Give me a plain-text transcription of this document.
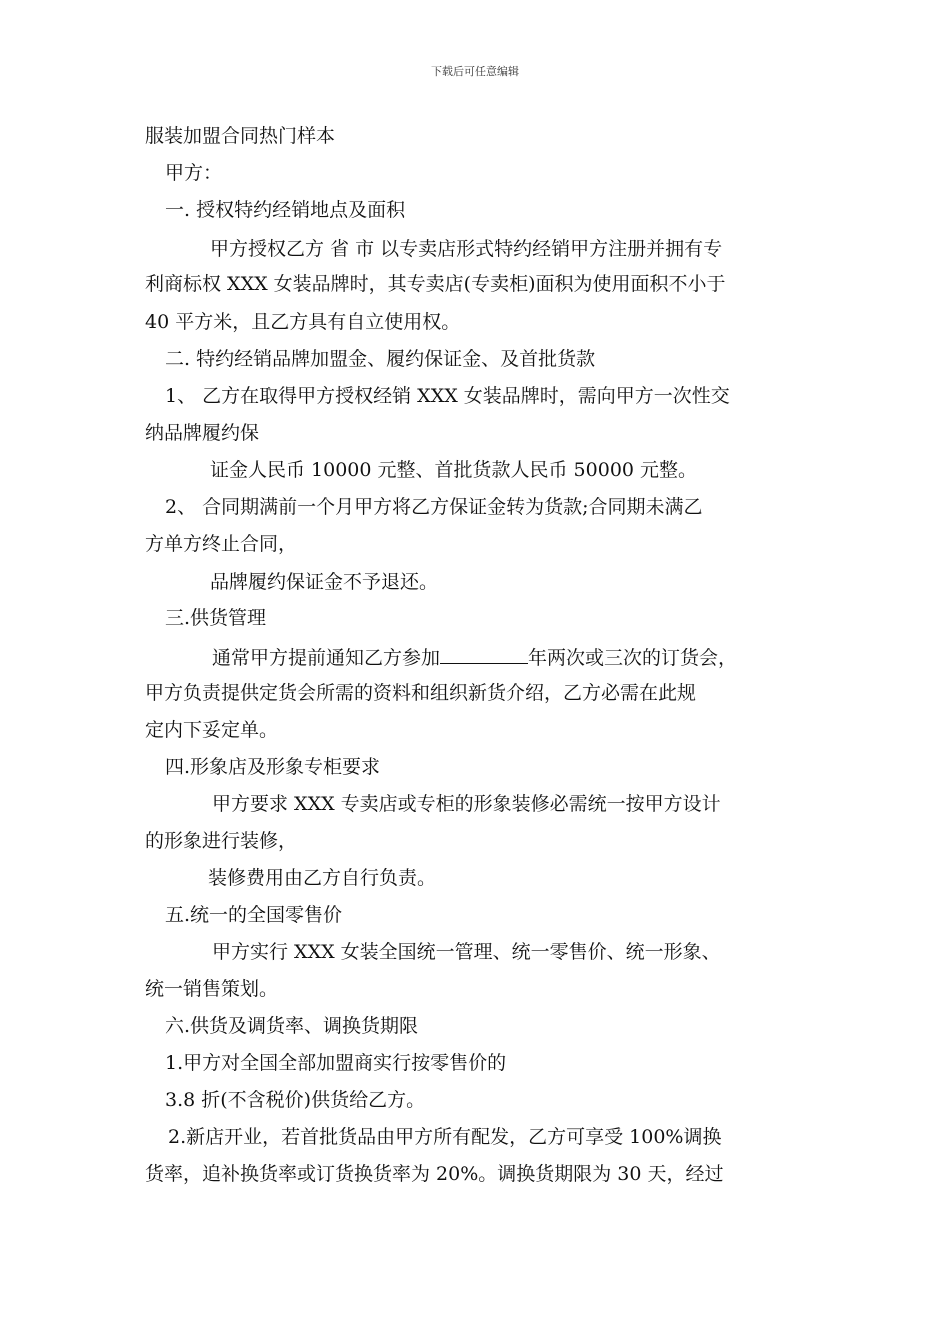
下载后可任意编辑
服装加盟合同热门样本
甲方：
一. 授权特约经销地点及面积
甲方授权乙方 省 市 以专卖店形式特约经销甲方注册并拥有专
利商标权 XXX 女装品牌时，其专卖店(专卖柜)面积为使用面积不小于
40 平方米，且乙方具有自立使用权。
二. 特约经销品牌加盟金、履约保证金、及首批货款
1、 乙方在取得甲方授权经销 XXX 女装品牌时，需向甲方一次性交
纳品牌履约保
证金人民币 10000 元整、首批货款人民币 50000 元整。
2、 合同期满前一个月甲方将乙方保证金转为货款;合同期未满乙
方单方终止合同，
品牌履约保证金不予退还。
三.供货管理
通常甲方提前通知乙方参加	年两次或三次的订货会，
甲方负责提供定货会所需的资料和组织新货介绍，乙方必需在此规
定内下妥定单。
四.形象店及形象专柜要求
甲方要求 XXX 专卖店或专柜的形象装修必需统一按甲方设计
的形象进行装修，
装修费用由乙方自行负责。
五.统一的全国零售价
甲方实行 XXX 女装全国统一管理、统一零售价、统一形象、
统一销售策划。
六.供货及调货率、调换货期限
1.甲方对全国全部加盟商实行按零售价的
3.8 折(不含税价)供货给乙方。
2.新店开业，若首批货品由甲方所有配发，乙方可享受 100%调换
货率，追补换货率或订货换货率为 20%。调换货期限为 30 天，经过
